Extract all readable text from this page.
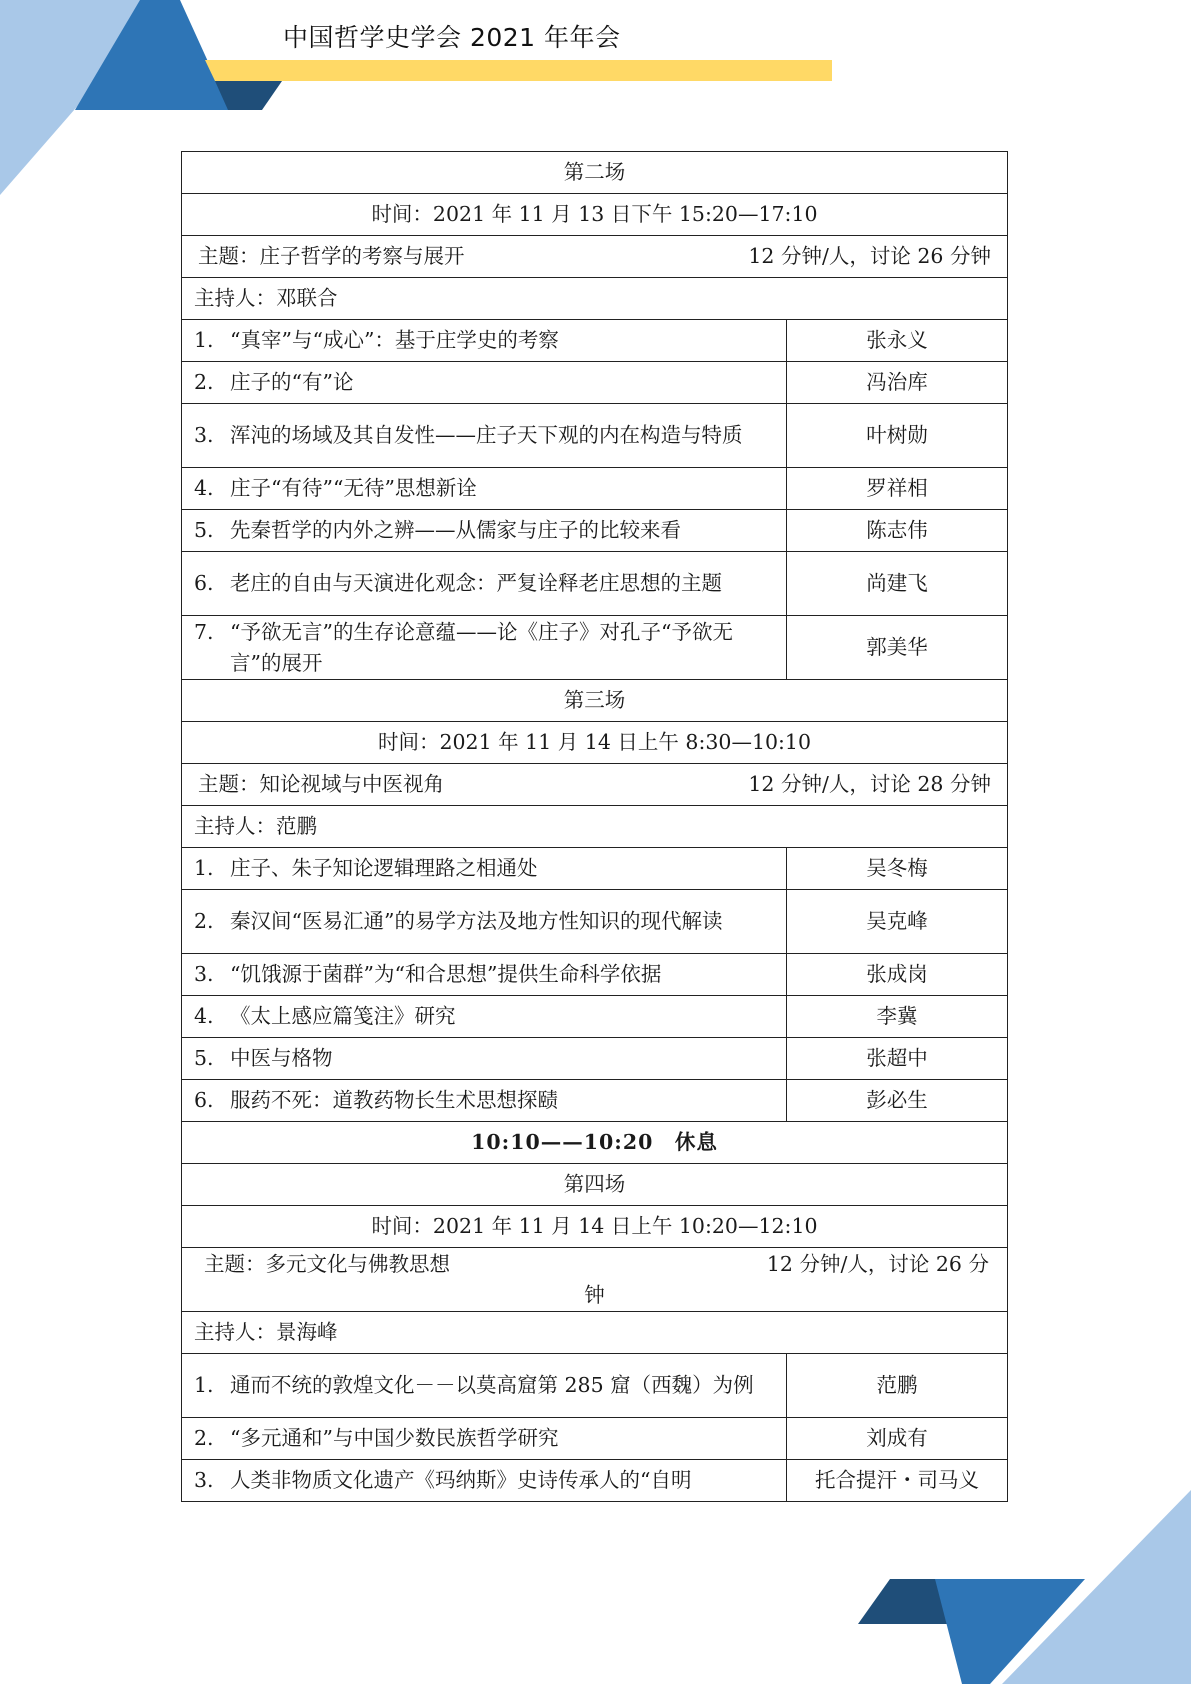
中国哲学史学会 2021 年年会
第二场	
时间：2021 年 11 月 13 日下午 15:20—17:10	

主题：庄子哲学的考察与展开 12 分钟/人，讨论 26 分钟	

主持人：邓联合	

1. “真宰”与“成心”：基于庄学史的考察	张永义

2. 庄子的“有”论	冯治库

3. 浑沌的场域及其自发性——庄子天下观的内在构造与特质	叶树勋

4. 庄子“有待”“无待”思想新诠	罗祥相

5. 先秦哲学的内外之辨——从儒家与庄子的比较来看	陈志伟

6. 老庄的自由与天演进化观念：严复诠释老庄思想的主题	尚建飞

7. “予欲无言”的生存论意蕴——论《庄子》对孔子“予欲无言”的展开	郭美华
第三场	
时间：2021 年 11 月 14 日上午 8:30—10:10	

主题：知论视域与中医视角 12 分钟/人，讨论 28 分钟	

主持人：范鹏	

1. 庄子、朱子知论逻辑理路之相通处	吴冬梅

2. 秦汉间“医易汇通”的易学方法及地方性知识的现代解读	吴克峰

3. “饥饿源于菌群”为“和合思想”提供生命科学依据	张成岗

4. 《太上感应篇笺注》研究	李冀

5. 中医与格物	张超中

6. 服药不死：道教药物长生术思想探赜	彭必生
10:10——10:20　休息	
第四场	
时间：2021 年 11 月 14 日上午 10:20—12:10	

主题：多元文化与佛教思想 12 分钟/人，讨论 26 分
钟	

主持人：景海峰	

1. 通而不统的敦煌文化－－以莫高窟第 285 窟（西魏）为例	范鹏

2. “多元通和”与中国少数民族哲学研究	刘成有

3. 人类非物质文化遗产《玛纳斯》史诗传承人的“自明	托合提汗・司马义
